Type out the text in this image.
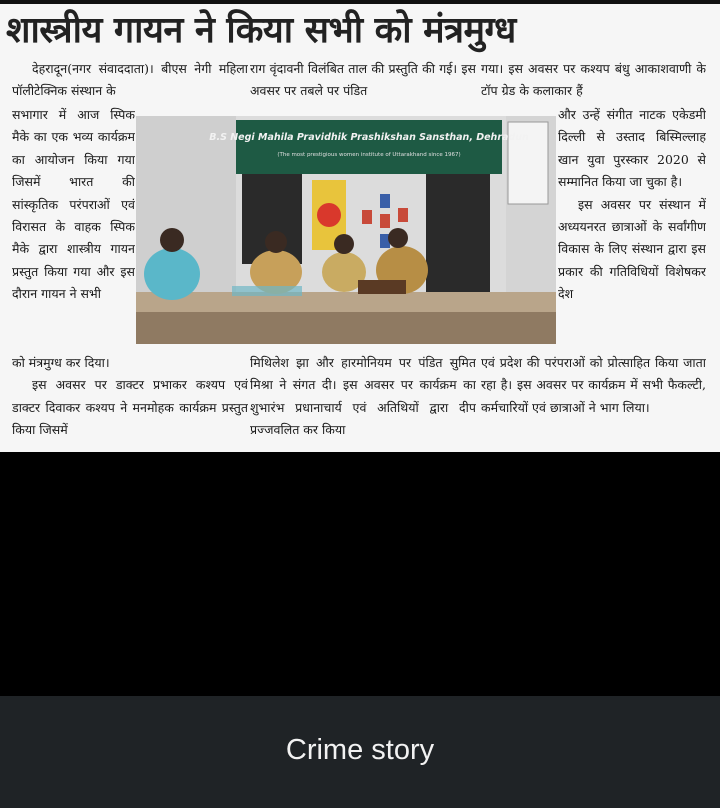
शास्त्रीय गायन ने किया सभी को मंत्रमुग्ध

देहरादून(नगर संवाददाता)। बीएस नेगी महिला पॉलीटेक्निक संस्थान के

सभागार में आज स्पिक मैके का एक भव्य कार्यक्रम का आयोजन किया गया जिसमें भारत की सांस्कृतिक परंपराओं एवं विरासत के वाहक स्पिक मैके द्वारा शास्त्रीय गायन प्रस्तुत किया गया और इस दौरान गायन ने सभी

को मंत्रमुग्ध कर दिया।

इस अवसर पर डाक्टर प्रभाकर कश्यप एवं डाक्टर दिवाकर कश्यप ने मनमोहक कार्यक्रम प्रस्तुत किया जिसमें

राग वृंदावनी विलंबित ताल की प्रस्तुति की गई। इस अवसर पर तबले पर पंडित

मिथिलेश झा और हारमोनियम पर पंडित सुमित मिश्रा ने संगत दी। इस अवसर पर कार्यक्रम का शुभारंभ प्रधानाचार्य एवं अतिथियों द्वारा दीप प्रज्जवलित कर किया

गया। इस अवसर पर कश्यप बंधु आकाशवाणी के टॉप ग्रेड के कलाकार हैं

और उन्हें संगीत नाटक एकेडमी दिल्ली से उस्ताद बिस्मिल्लाह खान युवा पुरस्कार 2020 से सम्मानित किया जा चुका है।

इस अवसर पर संस्थान में अध्ययनरत छात्राओं के सर्वांगीण विकास के लिए संस्थान द्वारा इस प्रकार की गतिविधियों विशेषकर देश

एवं प्रदेश की परंपराओं को प्रोत्साहित किया जाता रहा है। इस अवसर पर कार्यक्रम में सभी फैकल्टी, कर्मचारियों एवं छात्राओं ने भाग लिया।

B.S Negi Mahila Pravidhik Prashikshan Sansthan, Dehradun
(The most prestigious women institute of Uttarakhand since 1967)
Crime story
